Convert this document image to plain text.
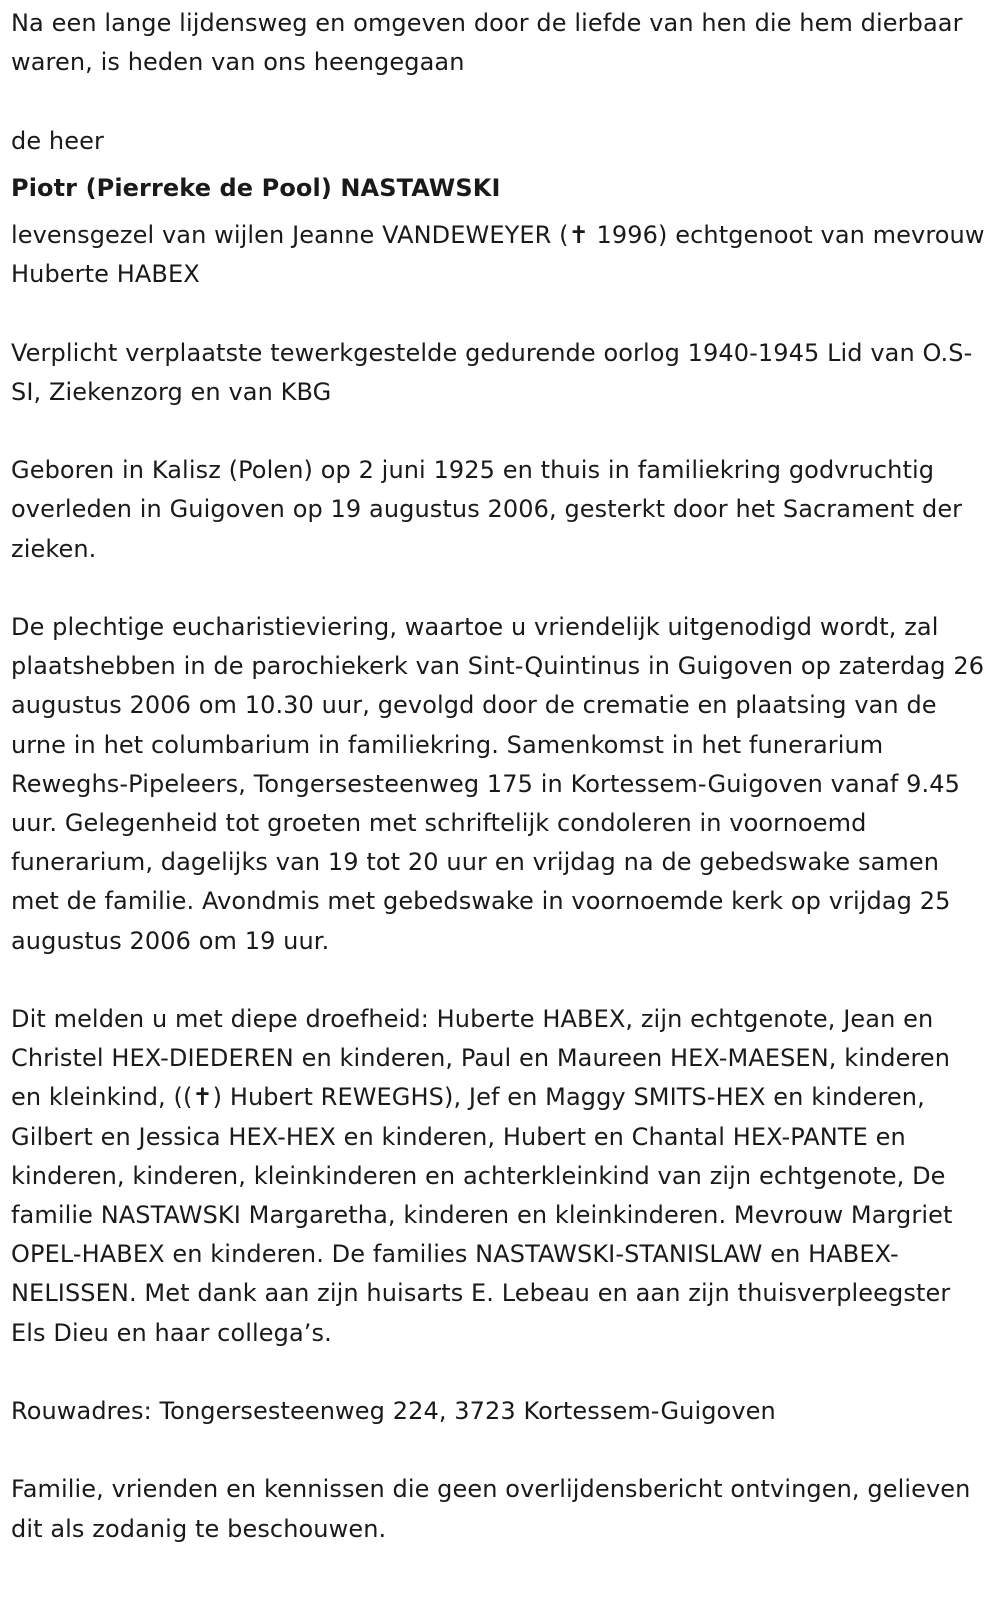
Na een lange lijdensweg en omgeven door de liefde van hen die hem dierbaar waren, is heden van ons heengegaan

de heer

Piotr (Pierreke de Pool) NASTAWSKI

levensgezel van wijlen Jeanne VANDEWEYER (✝ 1996) echtgenoot van mevrouw Huberte HABEX

Verplicht verplaatste tewerkgestelde gedurende oorlog 1940-1945 Lid van O.S-SI, Ziekenzorg en van KBG

Geboren in Kalisz (Polen) op 2 juni 1925 en thuis in familiekring godvruchtig overleden in Guigoven op 19 augustus 2006, gesterkt door het Sacrament der zieken.

De plechtige eucharistieviering, waartoe u vriendelijk uitgenodigd wordt, zal plaatshebben in de parochiekerk van Sint-Quintinus in Guigoven op zaterdag 26 augustus 2006 om 10.30 uur, gevolgd door de crematie en plaatsing van de urne in het columbarium in familiekring. Samenkomst in het funerarium Reweghs-Pipeleers, Tongersesteenweg 175 in Kortessem-Guigoven vanaf 9.45 uur. Gelegenheid tot groeten met schriftelijk condoleren in voornoemd funerarium, dagelijks van 19 tot 20 uur en vrijdag na de gebedswake samen met de familie. Avondmis met gebedswake in voornoemde kerk op vrijdag 25 augustus 2006 om 19 uur.

Dit melden u met diepe droefheid: Huberte HABEX, zijn echtgenote, Jean en Christel HEX-DIEDEREN en kinderen, Paul en Maureen HEX-MAESEN, kinderen en kleinkind, ((✝) Hubert REWEGHS), Jef en Maggy SMITS-HEX en kinderen, Gilbert en Jessica HEX-HEX en kinderen, Hubert en Chantal HEX-PANTE en kinderen, kinderen, kleinkinderen en achterkleinkind van zijn echtgenote, De familie NASTAWSKI Margaretha, kinderen en kleinkinderen. Mevrouw Margriet OPEL-HABEX en kinderen. De families NASTAWSKI-STANISLAW en HABEX-NELISSEN. Met dank aan zijn huisarts E. Lebeau en aan zijn thuisverpleegster Els Dieu en haar collega’s.

Rouwadres: Tongersesteenweg 224, 3723 Kortessem-Guigoven

Familie, vrienden en kennissen die geen overlijdensbericht ontvingen, gelieven dit als zodanig te beschouwen.
